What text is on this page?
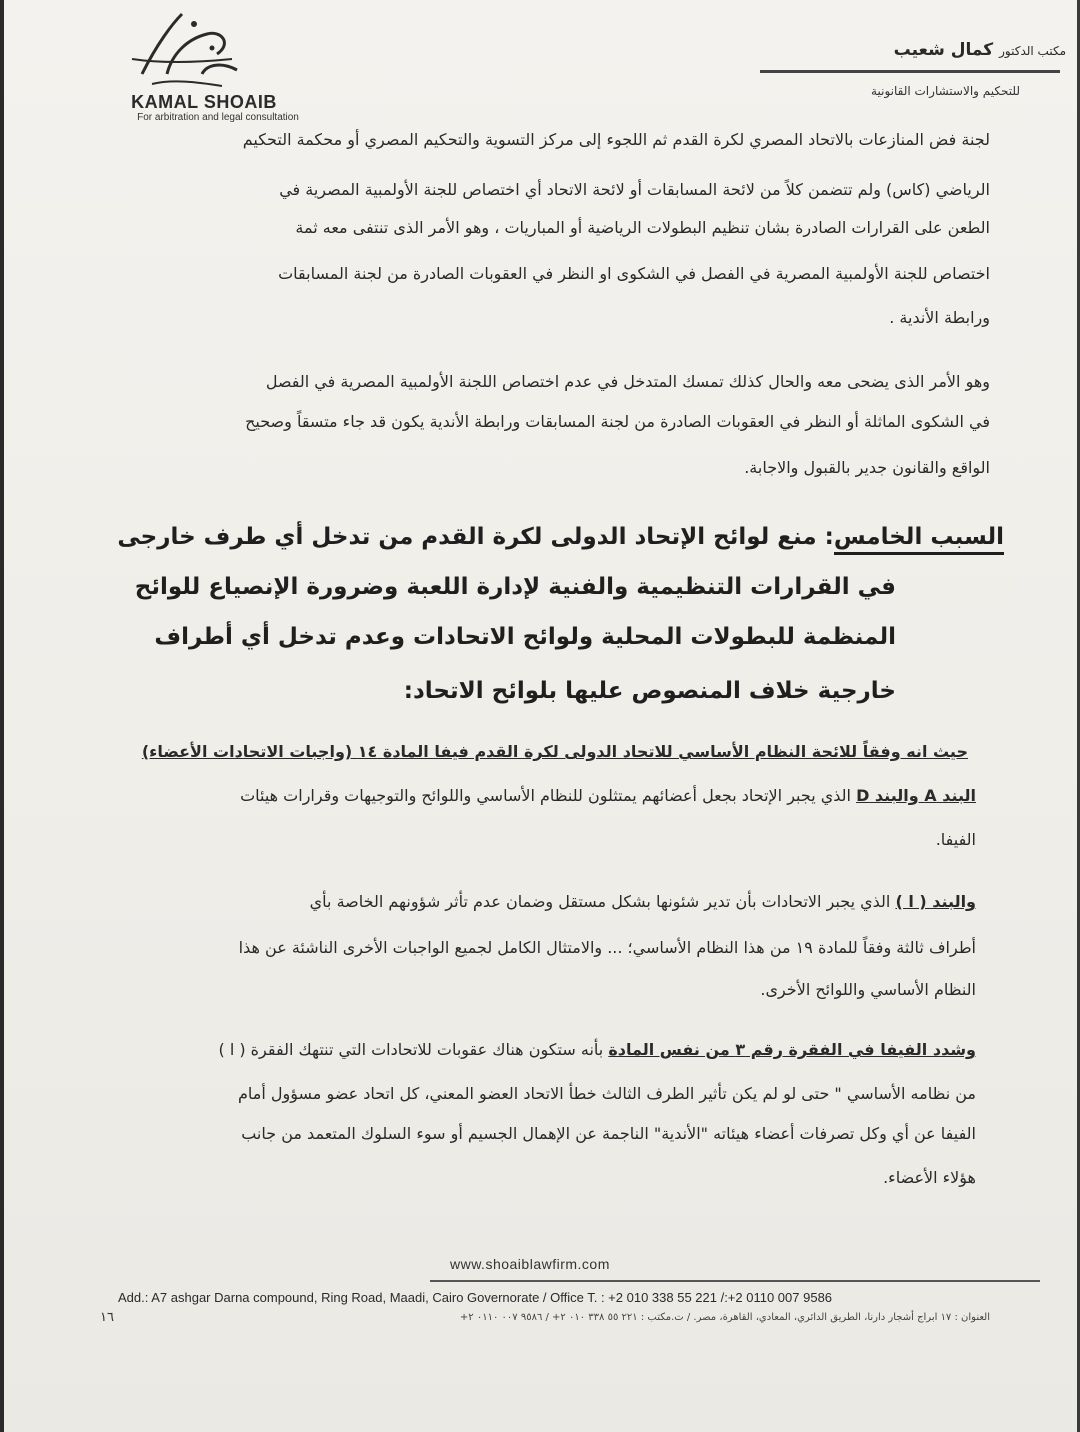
KAMAL SHOAIB
For arbitration and legal consultation
مكتب الدكتور كمال شعيب
للتحكيم والاستشارات القانونية
لجنة فض المنازعات بالاتحاد المصري لكرة القدم ثم اللجوء إلى مركز التسوية والتحكيم المصري أو محكمة التحكيم
الرياضي (كاس) ولم تتضمن كلاً من لائحة المسابقات أو لائحة الاتحاد أي اختصاص للجنة الأولمبية المصرية في
الطعن على القرارات الصادرة بشان تنظيم البطولات الرياضية أو المباريات ، وهو الأمر الذى تنتفى معه ثمة
اختصاص للجنة الأولمبية المصرية في الفصل في الشكوى او النظر في العقوبات الصادرة من لجنة المسابقات
ورابطة الأندية .
وهو الأمر الذى يضحى معه والحال كذلك تمسك المتدخل في عدم اختصاص اللجنة الأولمبية المصرية في الفصل
في الشكوى الماثلة أو النظر في العقوبات الصادرة من لجنة المسابقات ورابطة الأندية يكون قد جاء متسقاً وصحيح
الواقع والقانون جدير بالقبول والاجابة.
السبب الخامس: منع لوائح الإتحاد الدولى لكرة القدم من تدخل أي طرف خارجى
في القرارات التنظيمية والفنية لإدارة اللعبة وضرورة الإنصياع للوائح
المنظمة للبطولات المحلية ولوائح الاتحادات وعدم تدخل أي أطراف
خارجية خلاف المنصوص عليها بلوائح الاتحاد:
حيث انه وفقاً للائحة النظام الأساسي للاتحاد الدولى لكرة القدم فيفا المادة ١٤ (واجبات الاتحادات الأعضاء)
البند A والبند D الذي يجبر الإتحاد بجعل أعضائهم يمتثلون للنظام الأساسي واللوائح والتوجيهات وقرارات هيئات
الفيفا.
والبند ( ا ) الذي يجبر الاتحادات بأن تدير شئونها بشكل مستقل وضمان عدم تأثر شؤونهم الخاصة بأي
أطراف ثالثة وفقاً للمادة ١٩ من هذا النظام الأساسي؛ ... والامتثال الكامل لجميع الواجبات الأخرى الناشئة عن هذا
النظام الأساسي واللوائح الأخرى.
وشدد الفيفا في الفقرة رقم ٣ من نفس المادة بأنه ستكون هناك عقوبات للاتحادات التي تنتهك الفقرة ( ا )
من نظامه الأساسي " حتى لو لم يكن تأثير الطرف الثالث خطأ الاتحاد العضو المعني، كل اتحاد عضو مسؤول أمام
الفيفا عن أي وكل تصرفات أعضاء هيئاته "الأندية" الناجمة عن الإهمال الجسيم أو سوء السلوك المتعمد من جانب
هؤلاء الأعضاء.
www.shoaiblawfirm.com
Add.: A7 ashgar Darna compound, Ring Road, Maadi, Cairo Governorate / Office T. : +2 010 338 55 221 /:+2 0110 007 9586
العنوان : ١٧ ابراج أشجار دارنا، الطريق الدائري، المعادي، القاهرة، مصر. / ت.مكتب : ٢٢١ ٥٥ ٣٣٨ ٠١٠ ٢+ / ٩٥٨٦ ٠٠٧ ٠١١٠ ٢+
١٦
